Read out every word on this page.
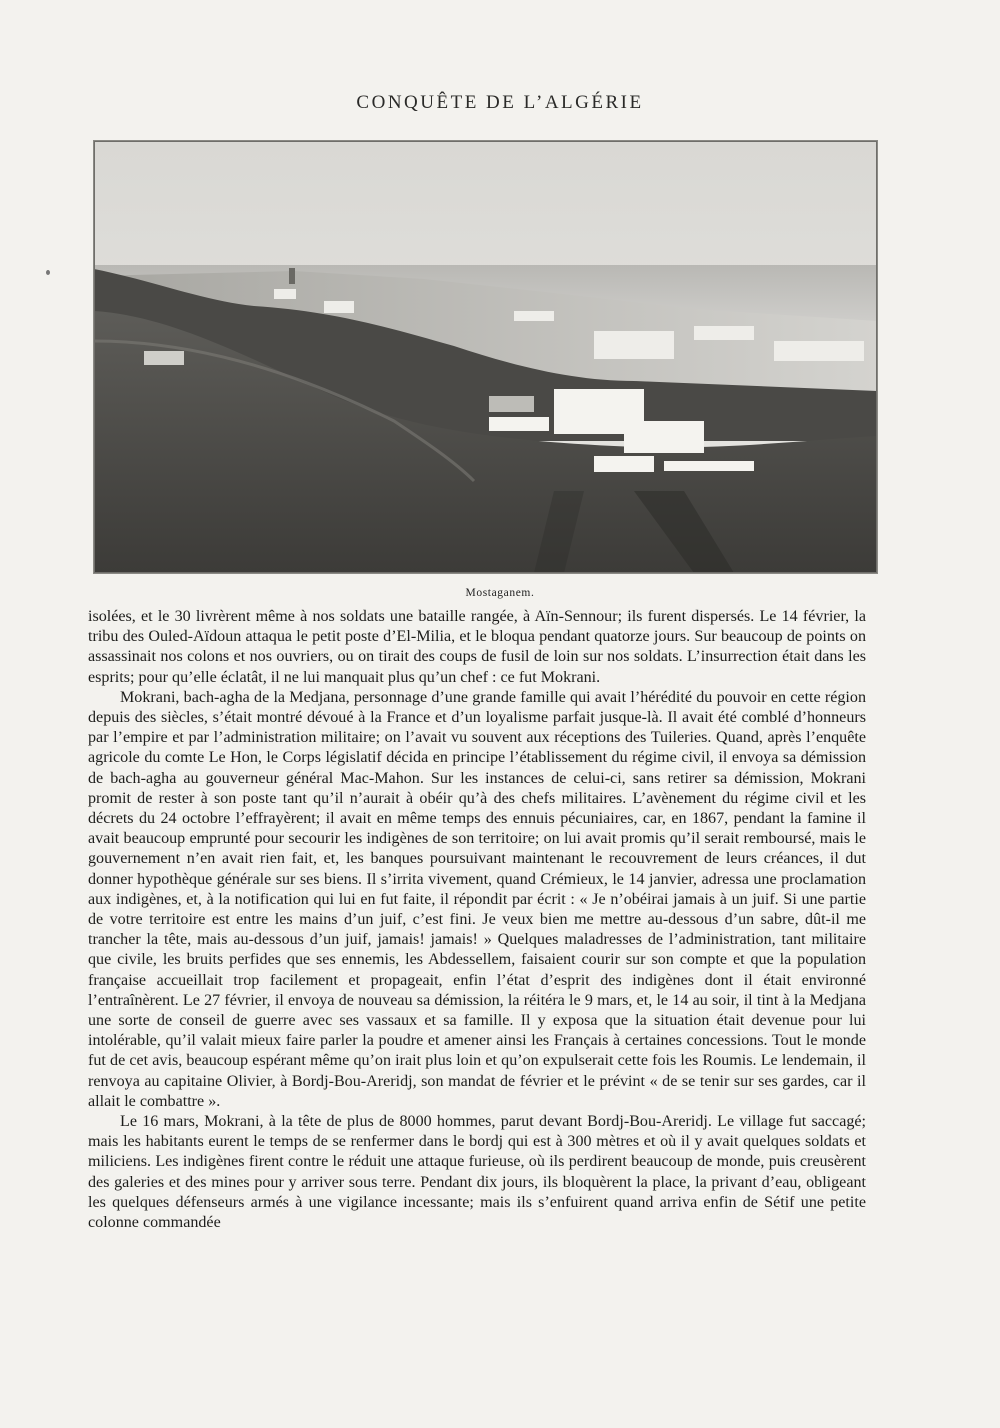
CONQUÊTE DE L’ALGÉRIE
Mostaganem.

isolées, et le 30 livrèrent même à nos soldats une bataille rangée, à Aïn-Sennour; ils furent dispersés. Le 14 février, la tribu des Ouled-Aïdoun attaqua le petit poste d’El-Milia, et le bloqua pendant quatorze jours. Sur beaucoup de points on assassinait nos colons et nos ouvriers, ou on tirait des coups de fusil de loin sur nos soldats. L’insurrection était dans les esprits; pour qu’elle éclatât, il ne lui manquait plus qu’un chef : ce fut Mokrani.

Mokrani, bach-agha de la Medjana, personnage d’une grande famille qui avait l’hérédité du pouvoir en cette région depuis des siècles, s’était montré dévoué à la France et d’un loyalisme parfait jusque-là. Il avait été comblé d’honneurs par l’empire et par l’administration militaire; on l’avait vu souvent aux réceptions des Tuileries. Quand, après l’enquête agricole du comte Le Hon, le Corps législatif décida en principe l’établissement du régime civil, il envoya sa démission de bach-agha au gouverneur général Mac-Mahon. Sur les instances de celui-ci, sans retirer sa démission, Mokrani promit de rester à son poste tant qu’il n’aurait à obéir qu’à des chefs militaires. L’avènement du régime civil et les décrets du 24 octobre l’effrayèrent; il avait en même temps des ennuis pécuniaires, car, en 1867, pendant la famine il avait beaucoup emprunté pour secourir les indigènes de son territoire; on lui avait promis qu’il serait remboursé, mais le gouvernement n’en avait rien fait, et, les banques poursuivant maintenant le recouvrement de leurs créances, il dut donner hypothèque générale sur ses biens. Il s’irrita vivement, quand Crémieux, le 14 janvier, adressa une proclamation aux indigènes, et, à la notification qui lui en fut faite, il répondit par écrit : « Je n’obéirai jamais à un juif. Si une partie de votre territoire est entre les mains d’un juif, c’est fini. Je veux bien me mettre au-dessous d’un sabre, dût-il me trancher la tête, mais au-dessous d’un juif, jamais! jamais! » Quelques maladresses de l’administration, tant militaire que civile, les bruits perfides que ses ennemis, les Abdessellem, faisaient courir sur son compte et que la population française accueillait trop facilement et propageait, enfin l’état d’esprit des indigènes dont il était environné l’entraînèrent. Le 27 février, il envoya de nouveau sa démission, la réitéra le 9 mars, et, le 14 au soir, il tint à la Medjana une sorte de conseil de guerre avec ses vassaux et sa famille. Il y exposa que la situation était devenue pour lui intolérable, qu’il valait mieux faire parler la poudre et amener ainsi les Français à certaines concessions. Tout le monde fut de cet avis, beaucoup espérant même qu’on irait plus loin et qu’on expulserait cette fois les Roumis. Le lendemain, il renvoya au capitaine Olivier, à Bordj-Bou-Areridj, son mandat de février et le prévint « de se tenir sur ses gardes, car il allait le combattre ».

Le 16 mars, Mokrani, à la tête de plus de 8000 hommes, parut devant Bordj-Bou-Areridj. Le village fut saccagé; mais les habitants eurent le temps de se renfermer dans le bordj qui est à 300 mètres et où il y avait quelques soldats et miliciens. Les indigènes firent contre le réduit une attaque furieuse, où ils perdirent beaucoup de monde, puis creusèrent des galeries et des mines pour y arriver sous terre. Pendant dix jours, ils bloquèrent la place, la privant d’eau, obligeant les quelques défenseurs armés à une vigilance incessante; mais ils s’enfuirent quand arriva enfin de Sétif une petite colonne commandée
